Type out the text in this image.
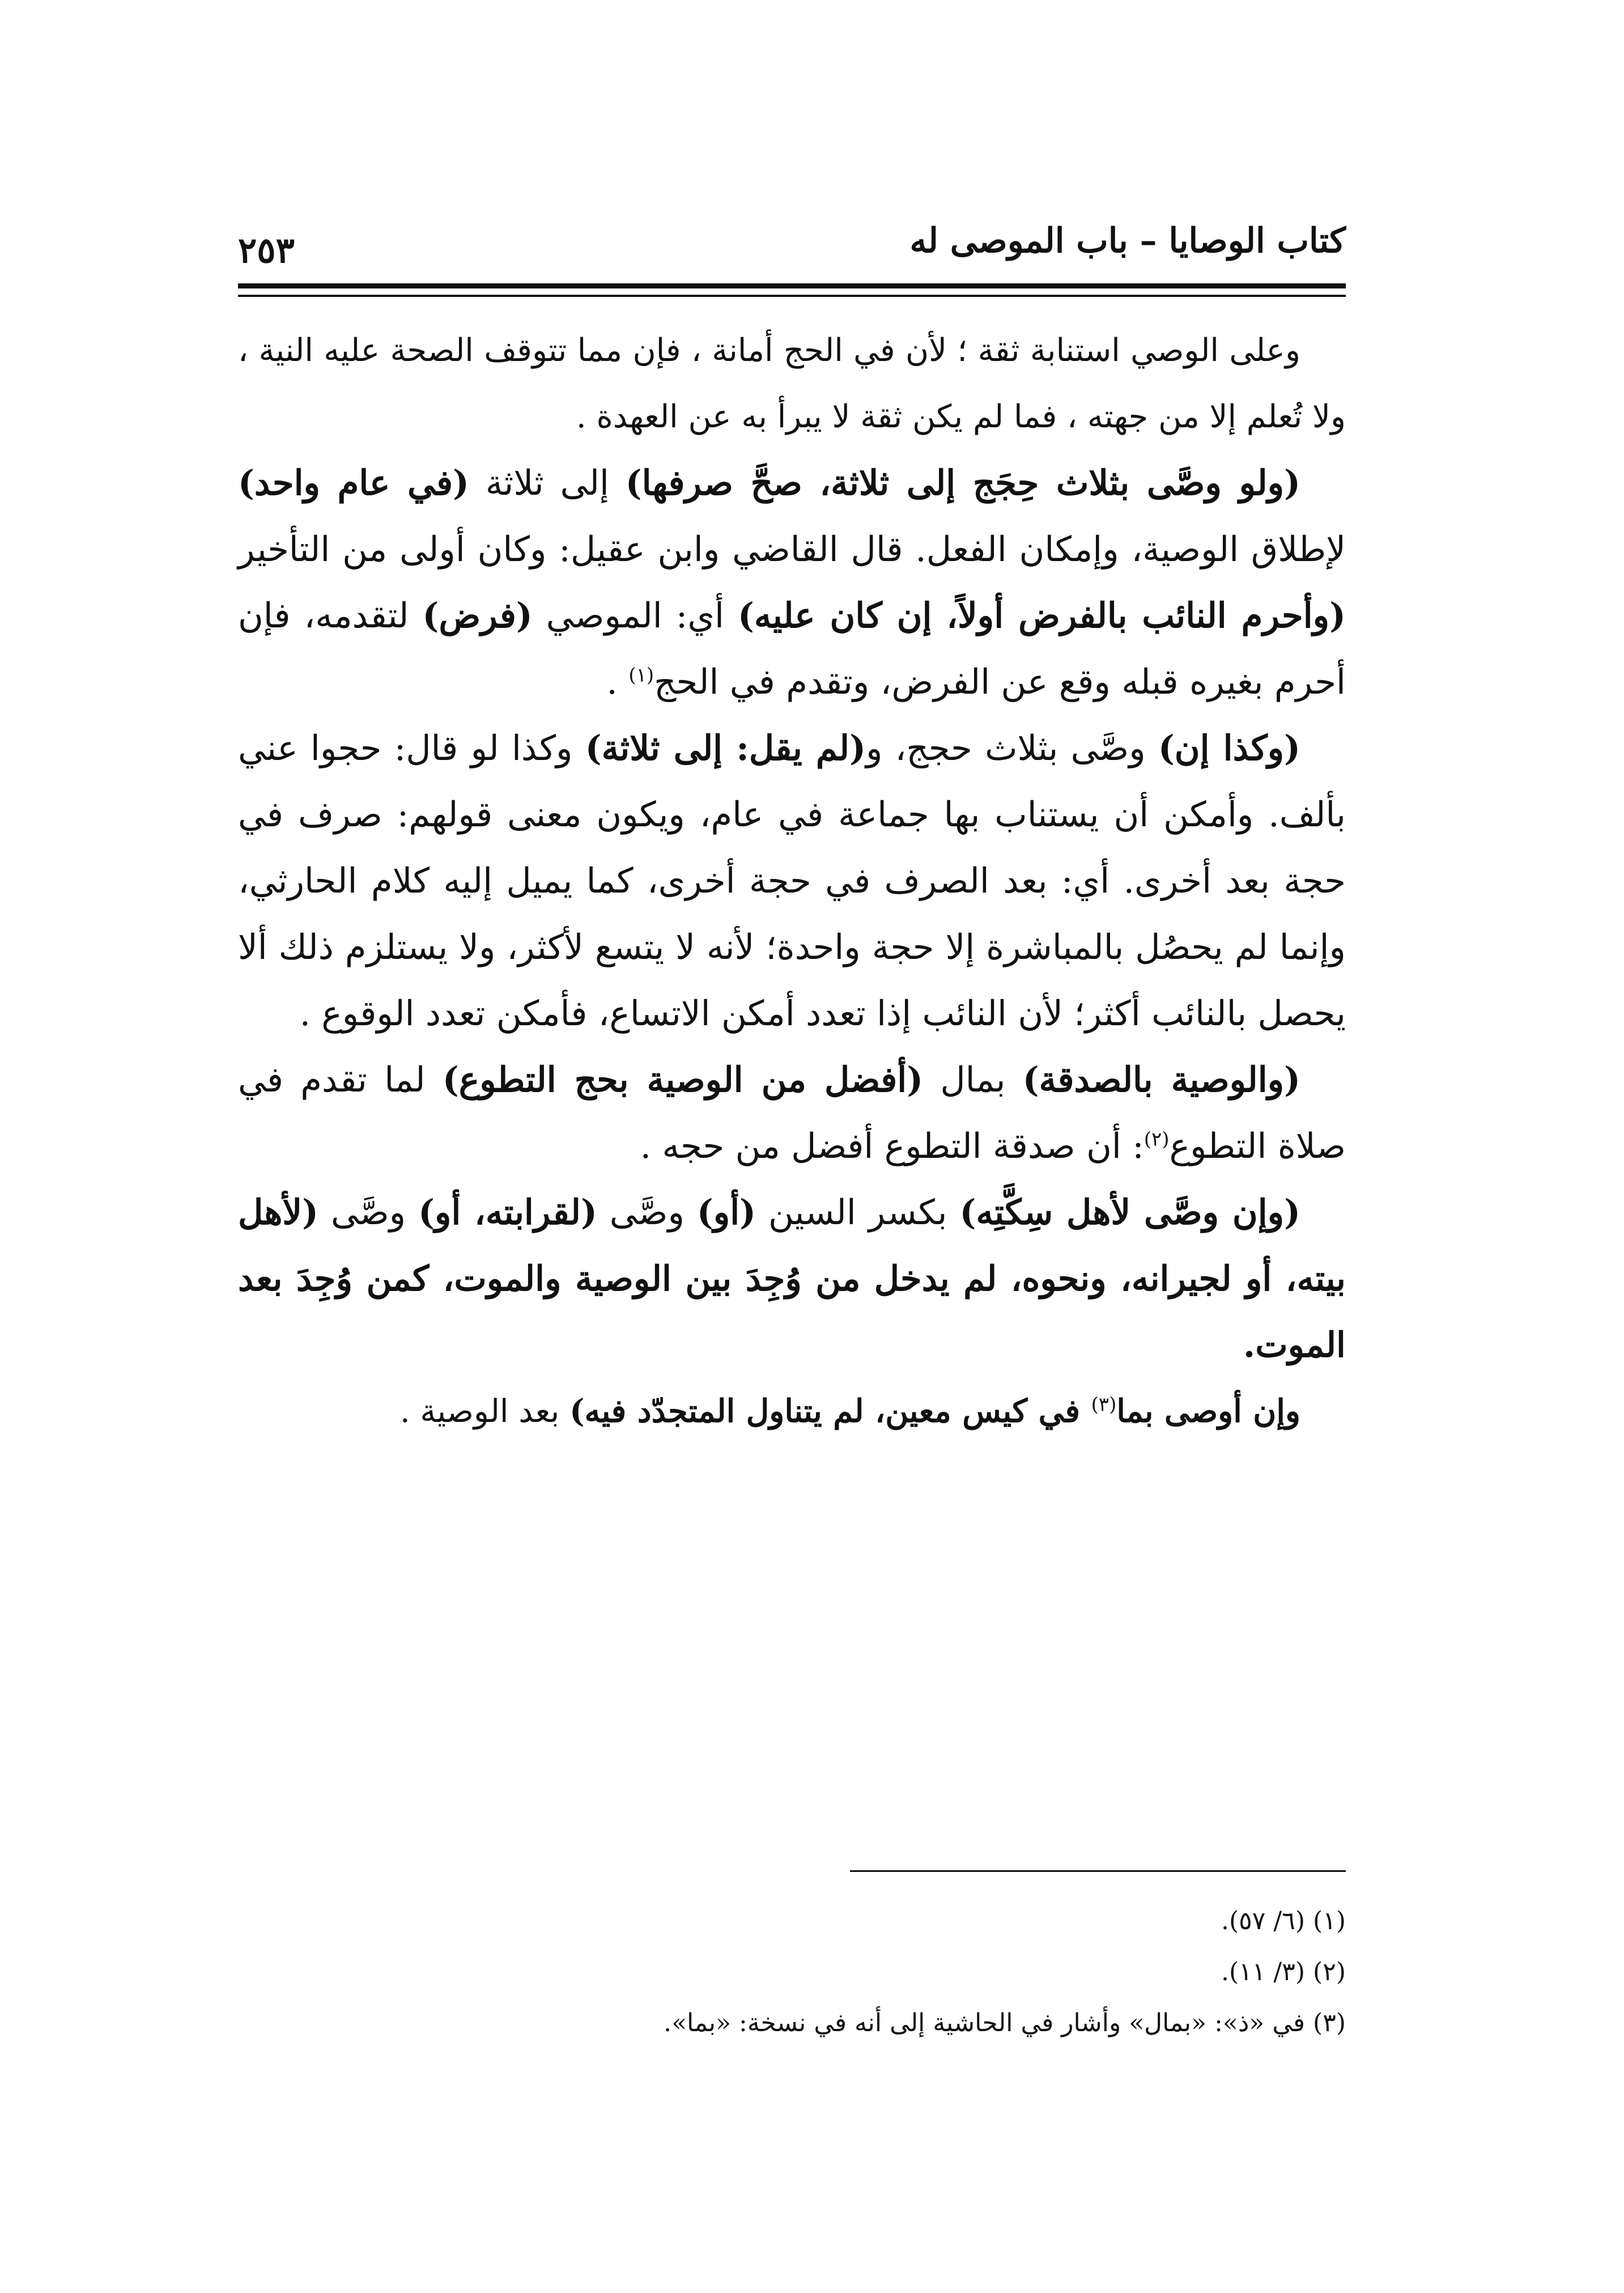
كتاب الوصايا – باب الموصى له
٢٥٣

وعلى الوصي استنابة ثقة ؛ لأن في الحج أمانة ، فإن مما تتوقف الصحة عليه النية ، ولا تُعلم إلا من جهته ، فما لم يكن ثقة لا يبرأ به عن العهدة .

(ولو وصَّى بثلاث حِجَج إلى ثلاثة، صحَّ صرفها) إلى ثلاثة (في عام واحد) لإطلاق الوصية، وإمكان الفعل. قال القاضي وابن عقيل: وكان أولى من التأخير (وأحرم النائب بالفرض أولاً، إن كان عليه) أي: الموصي (فرض) لتقدمه، فإن أحرم بغيره قبله وقع عن الفرض، وتقدم في الحج$^{(١)}$ .

(وكذا إن) وصَّى بثلاث حجج، و(لم يقل: إلى ثلاثة) وكذا لو قال: حجوا عني بألف. وأمكن أن يستناب بها جماعة في عام، ويكون معنى قولهم: صرف في حجة بعد أخرى. أي: بعد الصرف في حجة أخرى، كما يميل إليه كلام الحارثي، وإنما لم يحصُل بالمباشرة إلا حجة واحدة؛ لأنه لا يتسع لأكثر، ولا يستلزم ذلك ألا يحصل بالنائب أكثر؛ لأن النائب إذا تعدد أمكن الاتساع، فأمكن تعدد الوقوع .

(والوصية بالصدقة) بمال (أفضل من الوصية بحج التطوع) لما تقدم في صلاة التطوع$^{(٢)}$: أن صدقة التطوع أفضل من حجه .

(وإن وصَّى لأهل سِكَّتِه) بكسر السين (أو) وصَّى (لقرابته، أو) وصَّى (لأهل بيته، أو لجيرانه، ونحوه، لم يدخل من وُجِدَ بين الوصية والموت، كمن وُجِدَ بعد الموت.

وإن أوصى بما$^{(٣)}$ في كيس معين، لم يتناول المتجدّد فيه) بعد الوصية .

(١) (٦/ ٥٧).

(٢) (٣/ ١١).

(٣) في «ذ»: «بمال» وأشار في الحاشية إلى أنه في نسخة: «بما».
